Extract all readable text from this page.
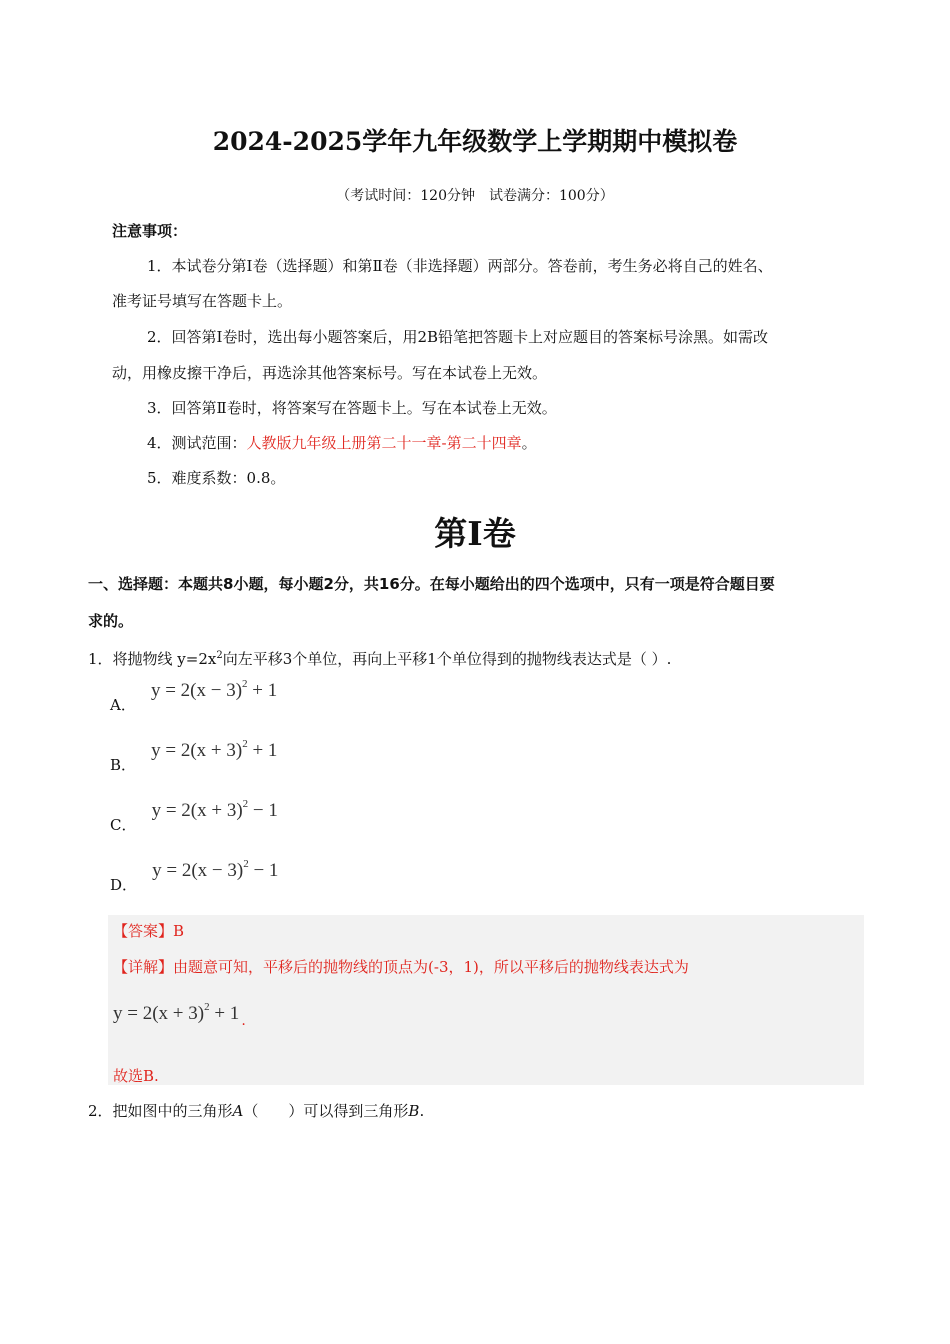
2024-2025学年九年级数学上学期期中模拟卷
（考试时间：120分钟　试卷满分：100分）
注意事项：
1．本试卷分第Ⅰ卷（选择题）和第Ⅱ卷（非选择题）两部分。答卷前，考生务必将自己的姓名、
准考证号填写在答题卡上。
2．回答第Ⅰ卷时，选出每小题答案后，用2B铅笔把答题卡上对应题目的答案标号涂黑。如需改
动，用橡皮擦干净后，再选涂其他答案标号。写在本试卷上无效。
3．回答第Ⅱ卷时，将答案写在答题卡上。写在本试卷上无效。
4．测试范围：人教版九年级上册第二十一章-第二十四章。
5．难度系数：0.8。
第Ⅰ卷
一、选择题：本题共8小题，每小题2分，共16分。在每小题给出的四个选项中，只有一项是符合题目要
求的。
1．将抛物线 $y=2x^2$向左平移3个单位，再向上平移1个单位得到的抛物线表达式是（ ）.
A． $y = 2(x - 3)^2 + 1$
B． $y = 2(x + 3)^2 + 1$
C． $y = 2(x + 3)^2 - 1$
D． $y = 2(x - 3)^2 - 1$
【答案】B
【详解】由题意可知，平移后的抛物线的顶点为(-3，1)，所以平移后的抛物线表达式为
$y = 2(x + 3)^2 + 1$ .
故选B.
2．把如图中的三角形A（　　）可以得到三角形B.
